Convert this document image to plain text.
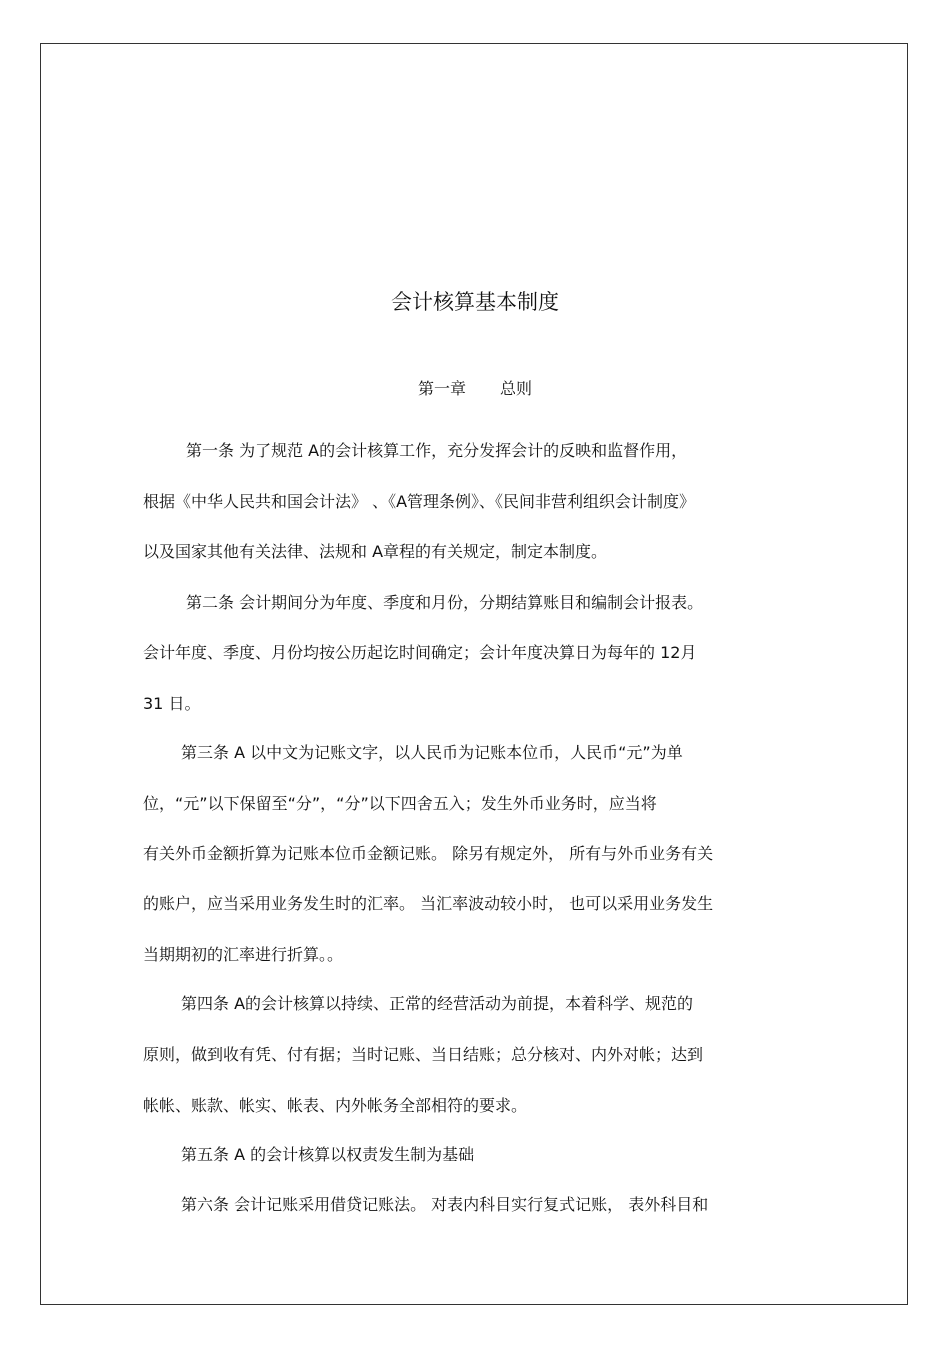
会计核算基本制度
第一章 总则
第一条 为了规范 A的会计核算工作，充分发挥会计的反映和监督作用，
根据《中华人民共和国会计法》 、《A管理条例》、《民间非营利组织会计制度》
以及国家其他有关法律、法规和 A章程的有关规定，制定本制度。
第二条 会计期间分为年度、季度和月份，分期结算账目和编制会计报表。
会计年度、季度、月份均按公历起讫时间确定；会计年度决算日为每年的 12月
31 日。
第三条 A 以中文为记账文字，以人民币为记账本位币，人民币“元”为单
位，“元”以下保留至“分”，“分”以下四舍五入；发生外币业务时，应当将
有关外币金额折算为记账本位币金额记账。 除另有规定外， 所有与外币业务有关
的账户，应当采用业务发生时的汇率。 当汇率波动较小时， 也可以采用业务发生
当期期初的汇率进行折算。。
第四条 A的会计核算以持续、正常的经营活动为前提，本着科学、规范的
原则，做到收有凭、付有据；当时记账、当日结账；总分核对、内外对帐；达到
帐帐、账款、帐实、帐表、内外帐务全部相符的要求。
第五条 A 的会计核算以权责发生制为基础
第六条 会计记账采用借贷记账法。 对表内科目实行复式记账， 表外科目和
